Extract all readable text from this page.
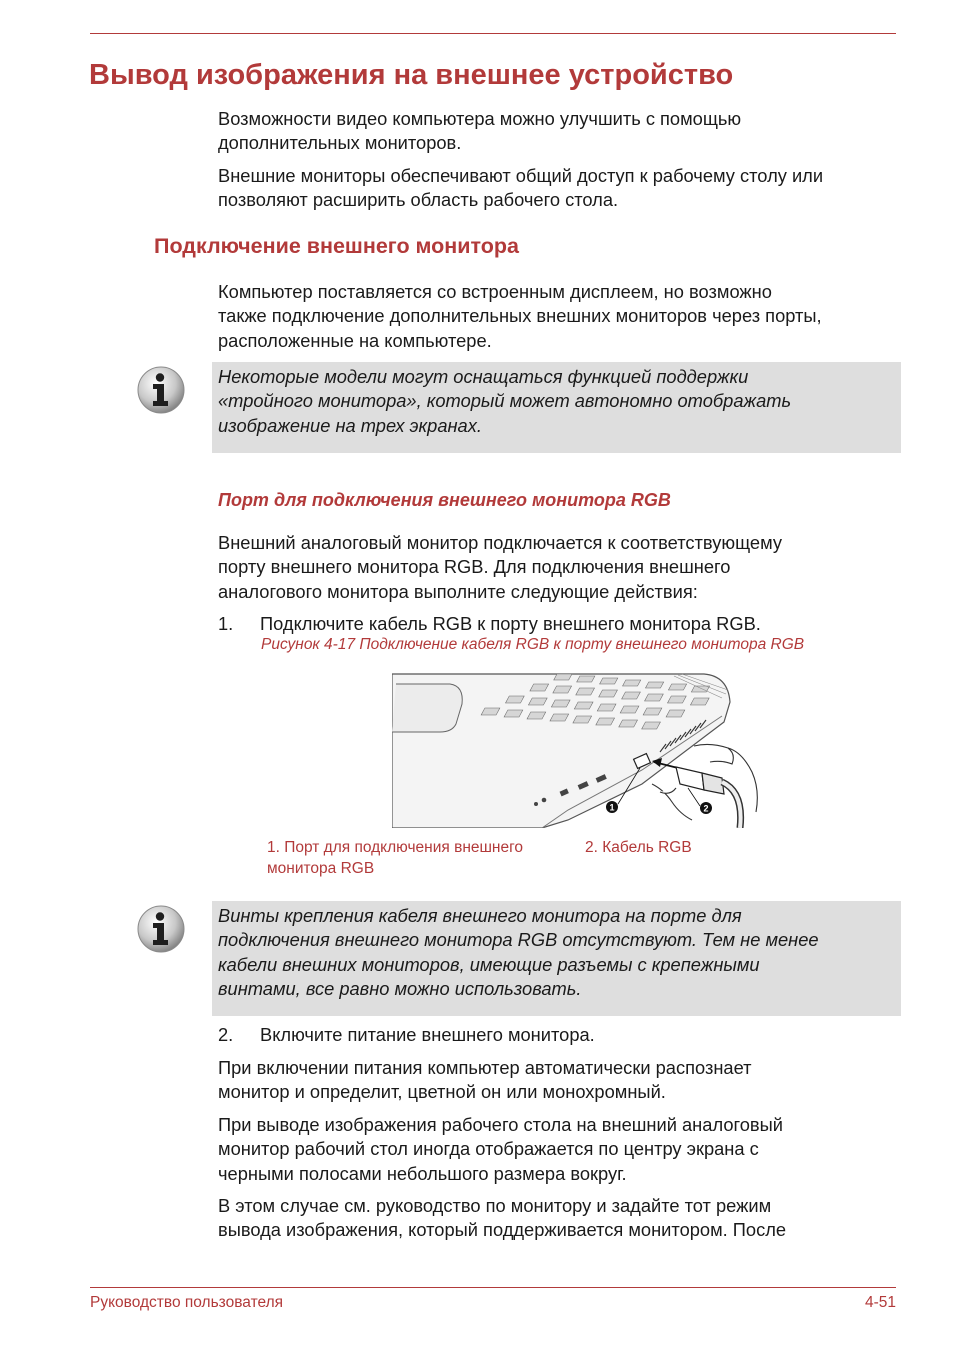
Вывод изображения на внешнее устройство

Возможности видео компьютера можно улучшить с помощью
дополнительных мониторов.

Внешние мониторы обеспечивают общий доступ к рабочему столу или
позволяют расширить область рабочего стола.

Подключение внешнего монитора

Компьютер поставляется со встроенным дисплеем, но возможно
также подключение дополнительных внешних мониторов через порты,
расположенные на компьютере.

Некоторые модели могут оснащаться функцией поддержки
«тройного монитора», который может автономно отображать
изображение на трех экранах.

Порт для подключения внешнего монитора RGB

Внешний аналоговый монитор подключается к соответствующему
порту внешнего монитора RGB. Для подключения внешнего
аналогового монитора выполните следующие действия:

1. Подключите кабель RGB к порту внешнего монитора RGB.

Рисунок 4-17 Подключение кабеля RGB к порту внешнего монитора RGB

1	2

1. Порт для подключения внешнего
монитора RGB

2. Кабель RGB

Винты крепления кабеля внешнего монитора на порте для
подключения внешнего монитора RGB отсутствуют. Тем не менее
кабели внешних мониторов, имеющие разъемы с крепежными
винтами, все равно можно использовать.

2. Включите питание внешнего монитора.

При включении питания компьютер автоматически распознает
монитор и определит, цветной он или монохромный.

При выводе изображения рабочего стола на внешний аналоговый
монитор рабочий стол иногда отображается по центру экрана с
черными полосами небольшого размера вокруг.

В этом случае см. руководство по монитору и задайте тот режим
вывода изображения, который поддерживается монитором. После

Руководство пользователя	4-51
